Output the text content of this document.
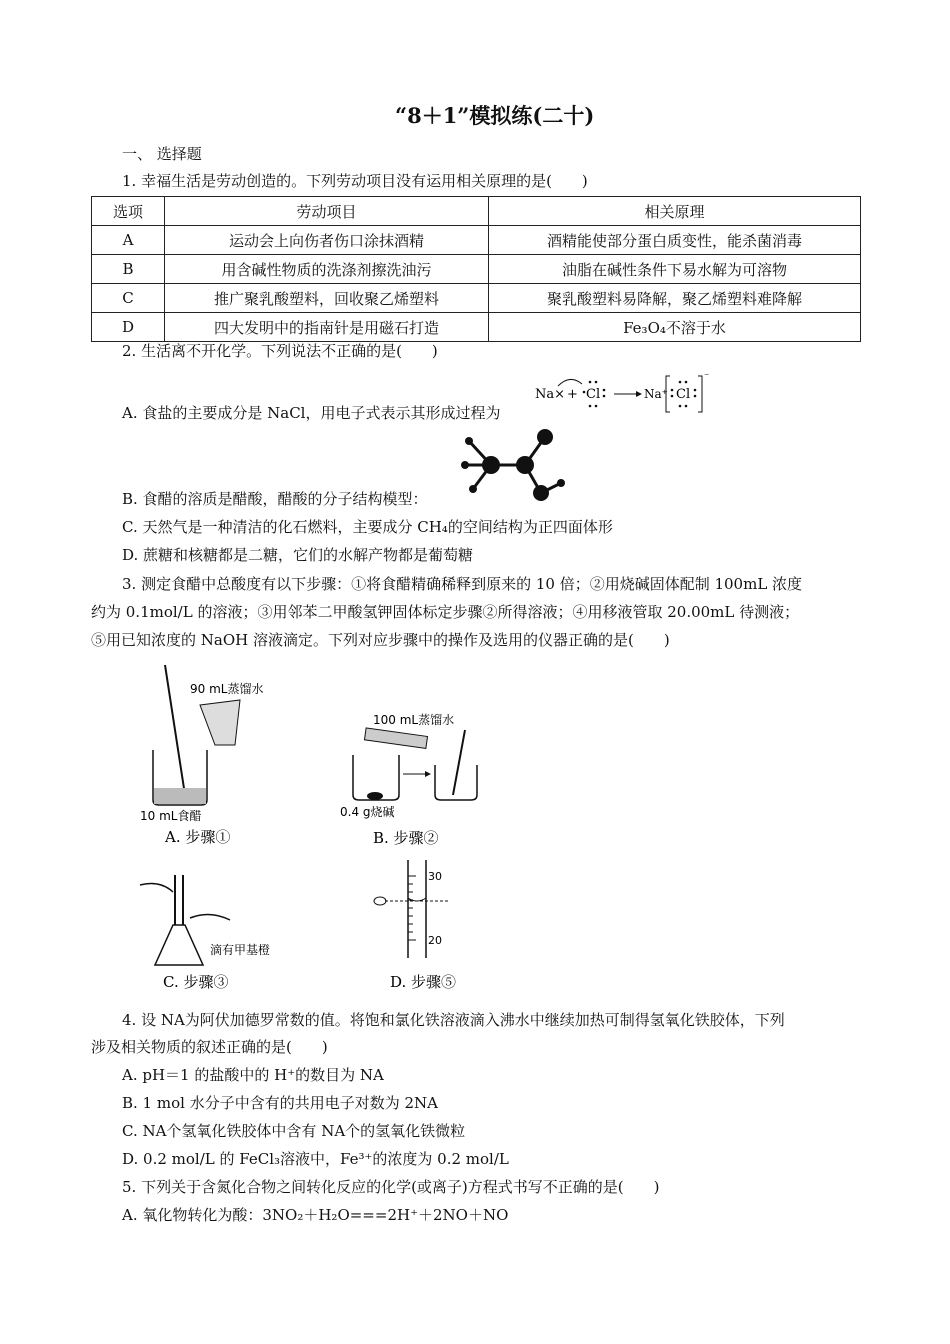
“8＋1”模拟练(二十)
一、 选择题
1. 幸福生活是劳动创造的。下列劳动项目没有运用相关原理的是(　　)
选项	劳动项目	相关原理
A	运动会上向伤者伤口涂抹酒精	酒精能使部分蛋白质变性，能杀菌消毒
B	用含碱性物质的洗涤剂擦洗油污	油脂在碱性条件下易水解为可溶物
C	推广聚乳酸塑料，回收聚乙烯塑料	聚乳酸塑料易降解，聚乙烯塑料难降解
D	四大发明中的指南针是用磁石打造	Fe₃O₄不溶于水
2. 生活离不开化学。下列说法不正确的是(　　)
A. 食盐的主要成分是 NaCl，用电子式表示其形成过程为
Na× + Cl	Na⁺ Cl
⁻
B. 食醋的溶质是醋酸，醋酸的分子结构模型：
C. 天然气是一种清洁的化石燃料，主要成分 CH₄的空间结构为正四面体形
D. 蔗糖和核糖都是二糖，它们的水解产物都是葡萄糖
3. 测定食醋中总酸度有以下步骤：①将食醋精确稀释到原来的 10 倍；②用烧碱固体配制 100mL 浓度
约为 0.1mol/L 的溶液；③用邻苯二甲酸氢钾固体标定步骤②所得溶液；④用移液管取 20.00mL 待测液；
⑤用已知浓度的 NaOH 溶液滴定。下列对应步骤中的操作及选用的仪器正确的是(　　)
90 mL蒸馏水
10 mL食醋
A. 步骤①
100 mL蒸馏水
0.4 g烧碱
B. 步骤②
滴有甲基橙
C. 步骤③
30
20
D. 步骤⑤
4. 设 NA为阿伏加德罗常数的值。将饱和氯化铁溶液滴入沸水中继续加热可制得氢氧化铁胶体，下列
涉及相关物质的叙述正确的是(　　)
A. pH＝1 的盐酸中的 H⁺的数目为 NA
B. 1 mol 水分子中含有的共用电子对数为 2NA
C. NA个氢氧化铁胶体中含有 NA个的氢氧化铁微粒
D. 0.2 mol/L 的 FeCl₃溶液中，Fe³⁺的浓度为 0.2 mol/L
5. 下列关于含氮化合物之间转化反应的化学(或离子)方程式书写不正确的是(　　)
A. 氧化物转化为酸：3NO₂＋H₂O===2H⁺＋2NO＋NO
